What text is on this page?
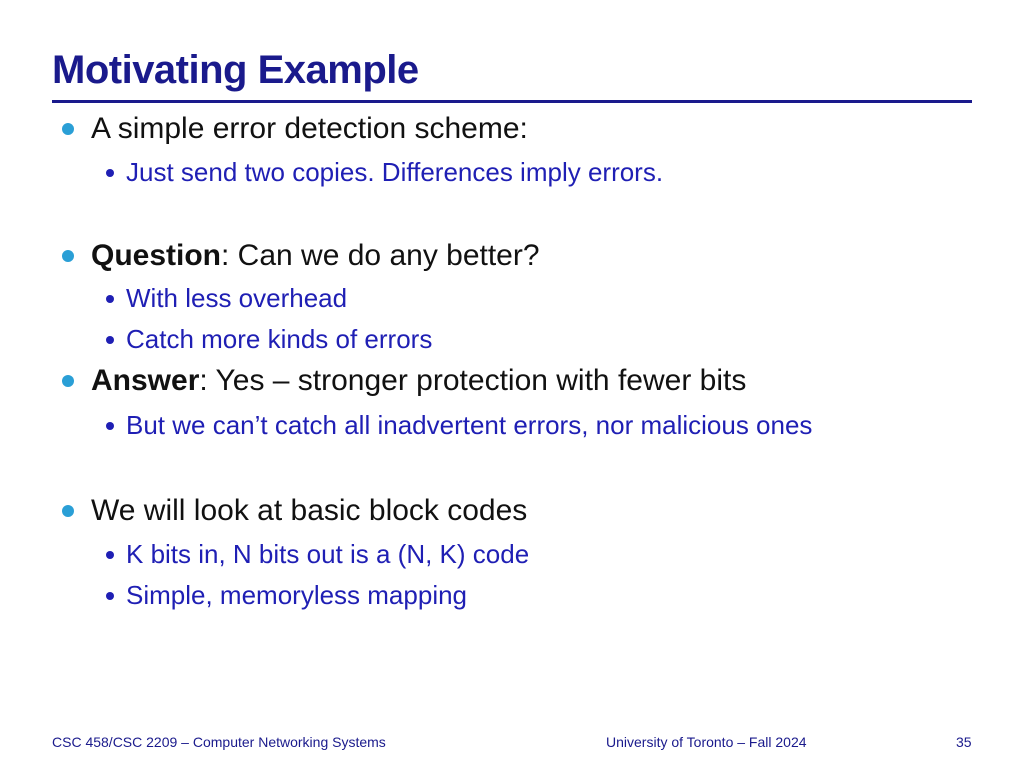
Motivating Example
A simple error detection scheme:
Just send two copies. Differences imply errors.
Question: Can we do any better?
With less overhead
Catch more kinds of errors
Answer: Yes – stronger protection with fewer bits
But we can’t catch all inadvertent errors, nor malicious ones
We will look at basic block codes
K bits in, N bits out is a (N, K) code
Simple, memoryless mapping
CSC 458/CSC 2209 – Computer Networking Systems	University of Toronto – Fall 2024	35
